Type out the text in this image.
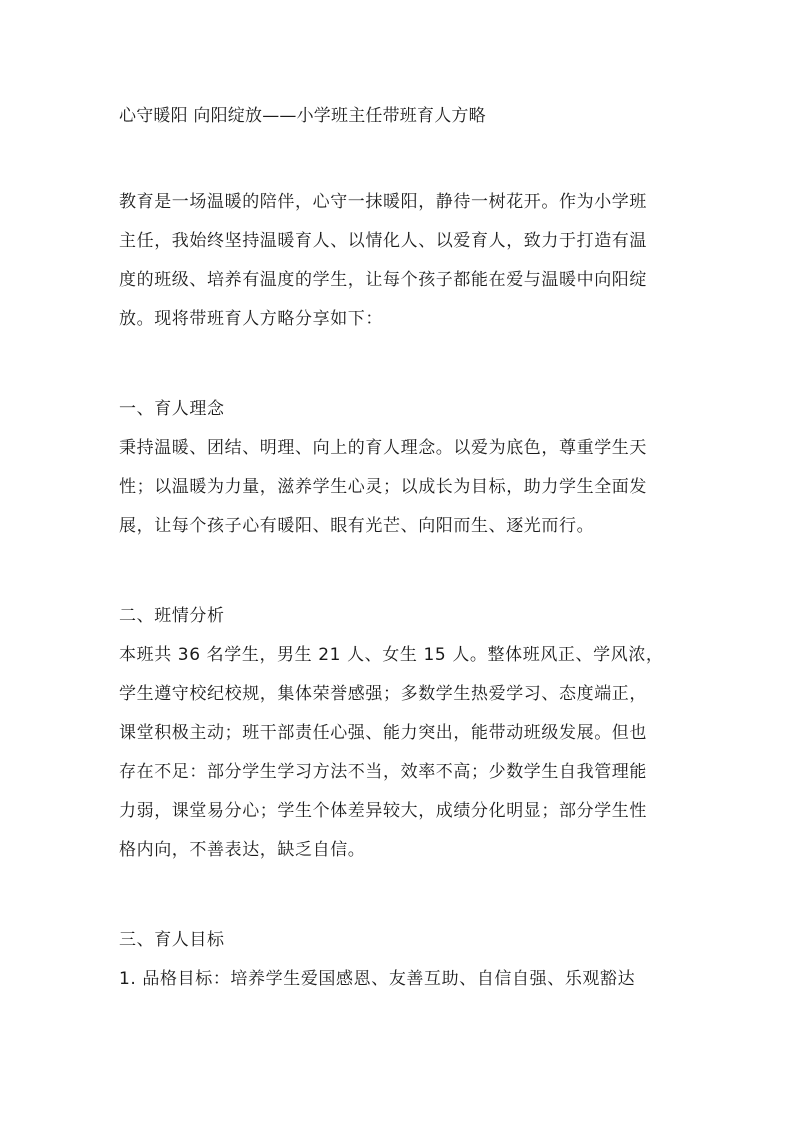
心守暖阳 向阳绽放——小学班主任带班育人方略
教育是一场温暖的陪伴，心守一抹暖阳，静待一树花开。作为小学班
主任，我始终坚持温暖育人、以情化人、以爱育人，致力于打造有温
度的班级、培养有温度的学生，让每个孩子都能在爱与温暖中向阳绽
放。现将带班育人方略分享如下：
一、育人理念
秉持温暖、团结、明理、向上的育人理念。以爱为底色，尊重学生天
性；以温暖为力量，滋养学生心灵；以成长为目标，助力学生全面发
展，让每个孩子心有暖阳、眼有光芒、向阳而生、逐光而行。
二、班情分析
本班共 36 名学生，男生 21 人、女生 15 人。整体班风正、学风浓，
学生遵守校纪校规，集体荣誉感强；多数学生热爱学习、态度端正，
课堂积极主动；班干部责任心强、能力突出，能带动班级发展。但也
存在不足：部分学生学习方法不当，效率不高；少数学生自我管理能
力弱，课堂易分心；学生个体差异较大，成绩分化明显；部分学生性
格内向，不善表达，缺乏自信。
三、育人目标
1. 品格目标：培养学生爱国感恩、友善互助、自信自强、乐观豁达
